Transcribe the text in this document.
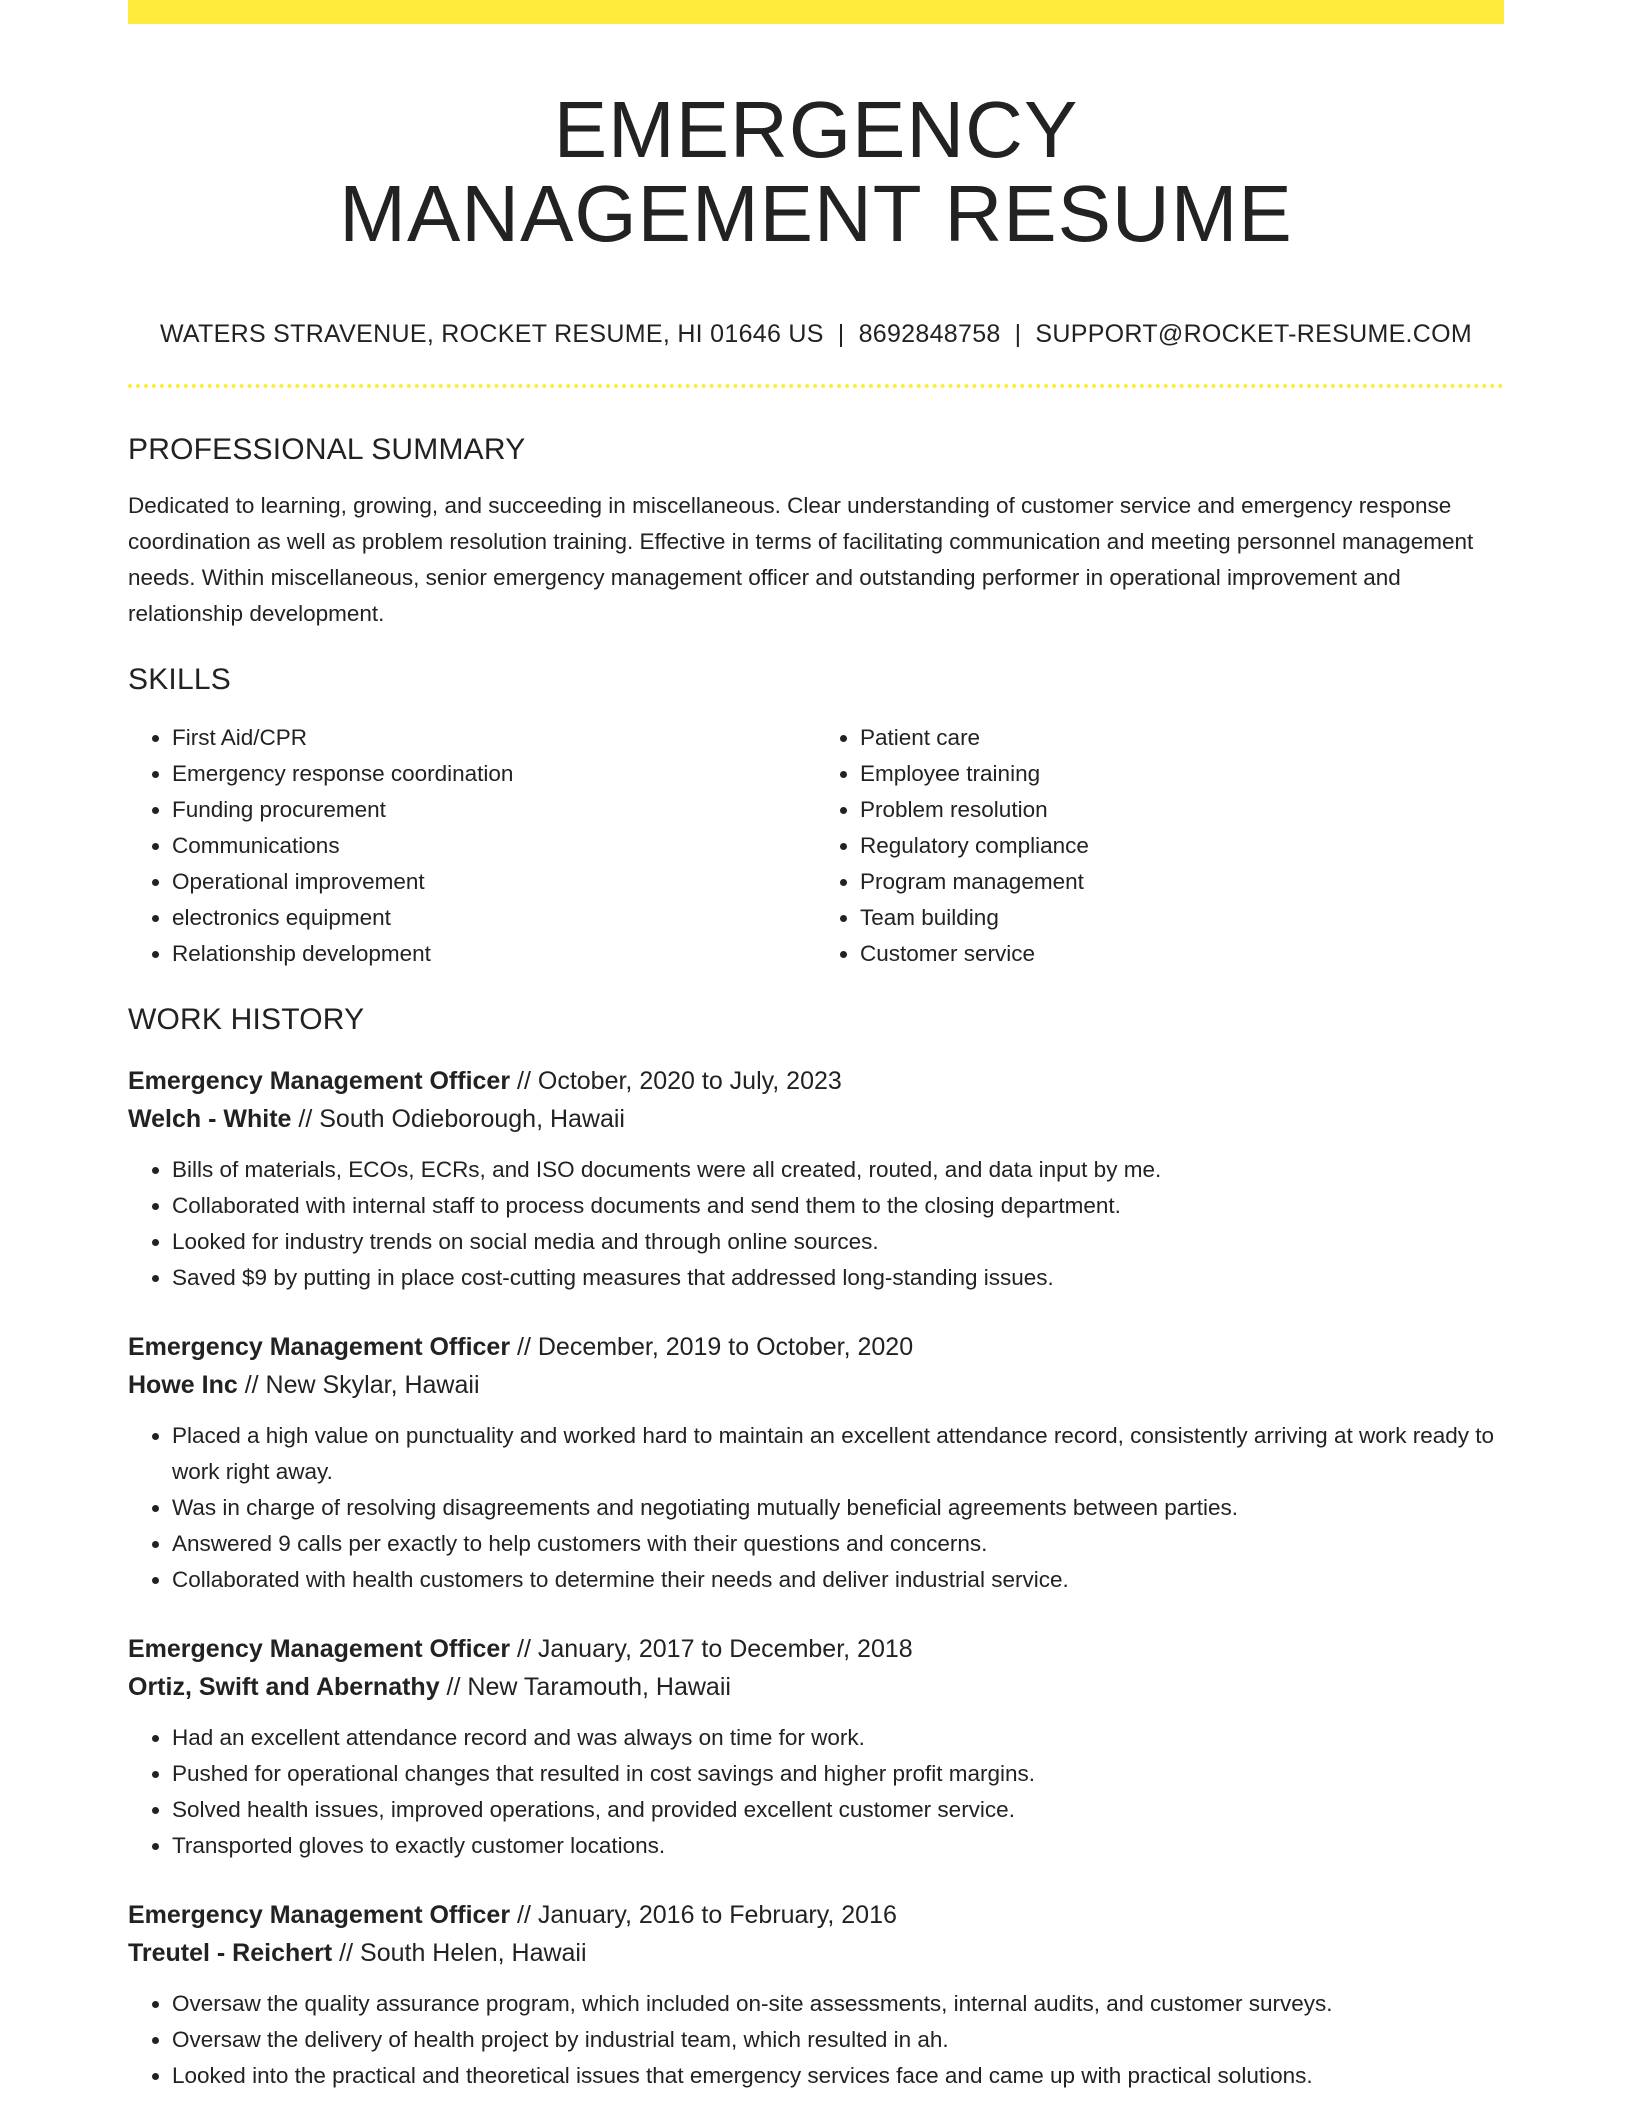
EMERGENCY
MANAGEMENT RESUME
WATERS STRAVENUE, ROCKET RESUME, HI 01646 US | 8692848758 | SUPPORT@ROCKET-RESUME.COM
PROFESSIONAL SUMMARY
Dedicated to learning, growing, and succeeding in miscellaneous. Clear understanding of customer service and emergency response coordination as well as problem resolution training. Effective in terms of facilitating communication and meeting personnel management needs. Within miscellaneous, senior emergency management officer and outstanding performer in operational improvement and relationship development.
SKILLS
• First Aid/CPR
• Emergency response coordination
• Funding procurement
• Communications
• Operational improvement
• electronics equipment
• Relationship development
• Patient care
• Employee training
• Problem resolution
• Regulatory compliance
• Program management
• Team building
• Customer service
WORK HISTORY
Emergency Management Officer // October, 2020 to July, 2023
Welch - White // South Odieborough, Hawaii
• Bills of materials, ECOs, ECRs, and ISO documents were all created, routed, and data input by me.
• Collaborated with internal staff to process documents and send them to the closing department.
• Looked for industry trends on social media and through online sources.
• Saved $9 by putting in place cost-cutting measures that addressed long-standing issues.
Emergency Management Officer // December, 2019 to October, 2020
Howe Inc // New Skylar, Hawaii
• Placed a high value on punctuality and worked hard to maintain an excellent attendance record, consistently arriving at work ready to work right away.
• Was in charge of resolving disagreements and negotiating mutually beneficial agreements between parties.
• Answered 9 calls per exactly to help customers with their questions and concerns.
• Collaborated with health customers to determine their needs and deliver industrial service.
Emergency Management Officer // January, 2017 to December, 2018
Ortiz, Swift and Abernathy // New Taramouth, Hawaii
• Had an excellent attendance record and was always on time for work.
• Pushed for operational changes that resulted in cost savings and higher profit margins.
• Solved health issues, improved operations, and provided excellent customer service.
• Transported gloves to exactly customer locations.
Emergency Management Officer // January, 2016 to February, 2016
Treutel - Reichert // South Helen, Hawaii
• Oversaw the quality assurance program, which included on-site assessments, internal audits, and customer surveys.
• Oversaw the delivery of health project by industrial team, which resulted in ah.
• Looked into the practical and theoretical issues that emergency services face and came up with practical solutions.
